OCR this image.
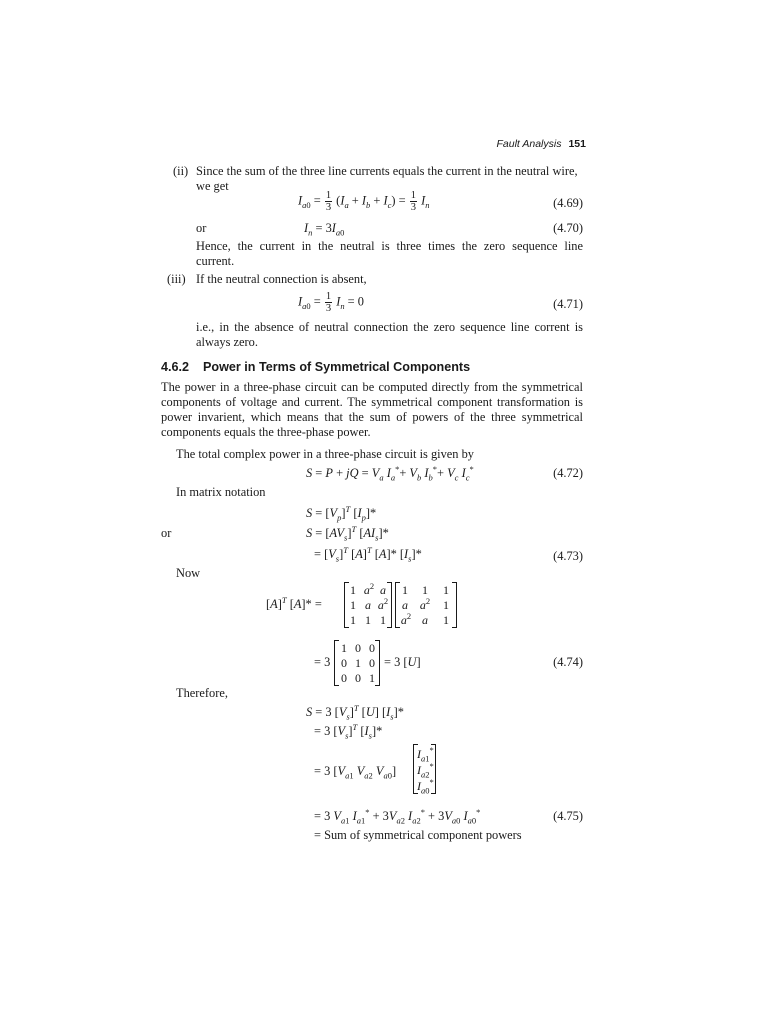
Fault Analysis 151
(ii) Since the sum of the three line currents equals the current in the neutral wire,
we get
$I_{a0} = \frac{1}{3} (I_a + I_b + I_c) = \frac{1}{3} I_n$	(4.69)
or	$I_n = 3I_{a0}$	(4.70)
Hence, the current in the neutral is three times the zero sequence line current.
(iii) If the neutral connection is absent,
$I_{a0} = \frac{1}{3} I_n = 0$	(4.71)
i.e., in the absence of neutral connection the zero sequence line corrent is always zero.
4.6.2 Power in Terms of Symmetrical Components
The power in a three-phase circuit can be computed directly from the symmetrical components of voltage and current. The symmetrical component transformation is power invarient, which means that the sum of powers of the three symmetrical components equals the three-phase power.
The total complex power in a three-phase circuit is given by
S = P + jQ = $V_a$ $I_a^*+ V_b$ $I_b^*+ V_c$ $I_c^*$	(4.72)
In matrix notation
$S = [V_p]^T$ $[I_p]*$
or	$S = [AV_s]^T$ $[AI_s]*$
= $[V_s]^T$ $[A]^T$ [A]* $[I_s]*$	(4.73)
Now
$[A]^T$ [A]* =
1 $a^2$ a
1 a $a^2$
1 1 1
1 1 1
a $a^2$ 1
$a^2$ a 1
= 3
1 0 0
0 1 0
0 0 1
= 3 [U]	(4.74)
Therefore,
S = 3 $[V_s]^T$ [U] $[I_s]*$
= 3 $[V_s]^T$ $[I_s]*$
= 3 [$V_{a1}$ $V_{a2}$ $V_{a0}$]
$I_{a1}^*$
$I_{a2}^*$
$I_{a0}^*$
= 3 $V_{a1}$ $I_{a1}^* + 3V_{a2}$ $I_{a2}^* + 3V_{a0}$ $I_{a0}^*$	(4.75)
= Sum of symmetrical component powers
